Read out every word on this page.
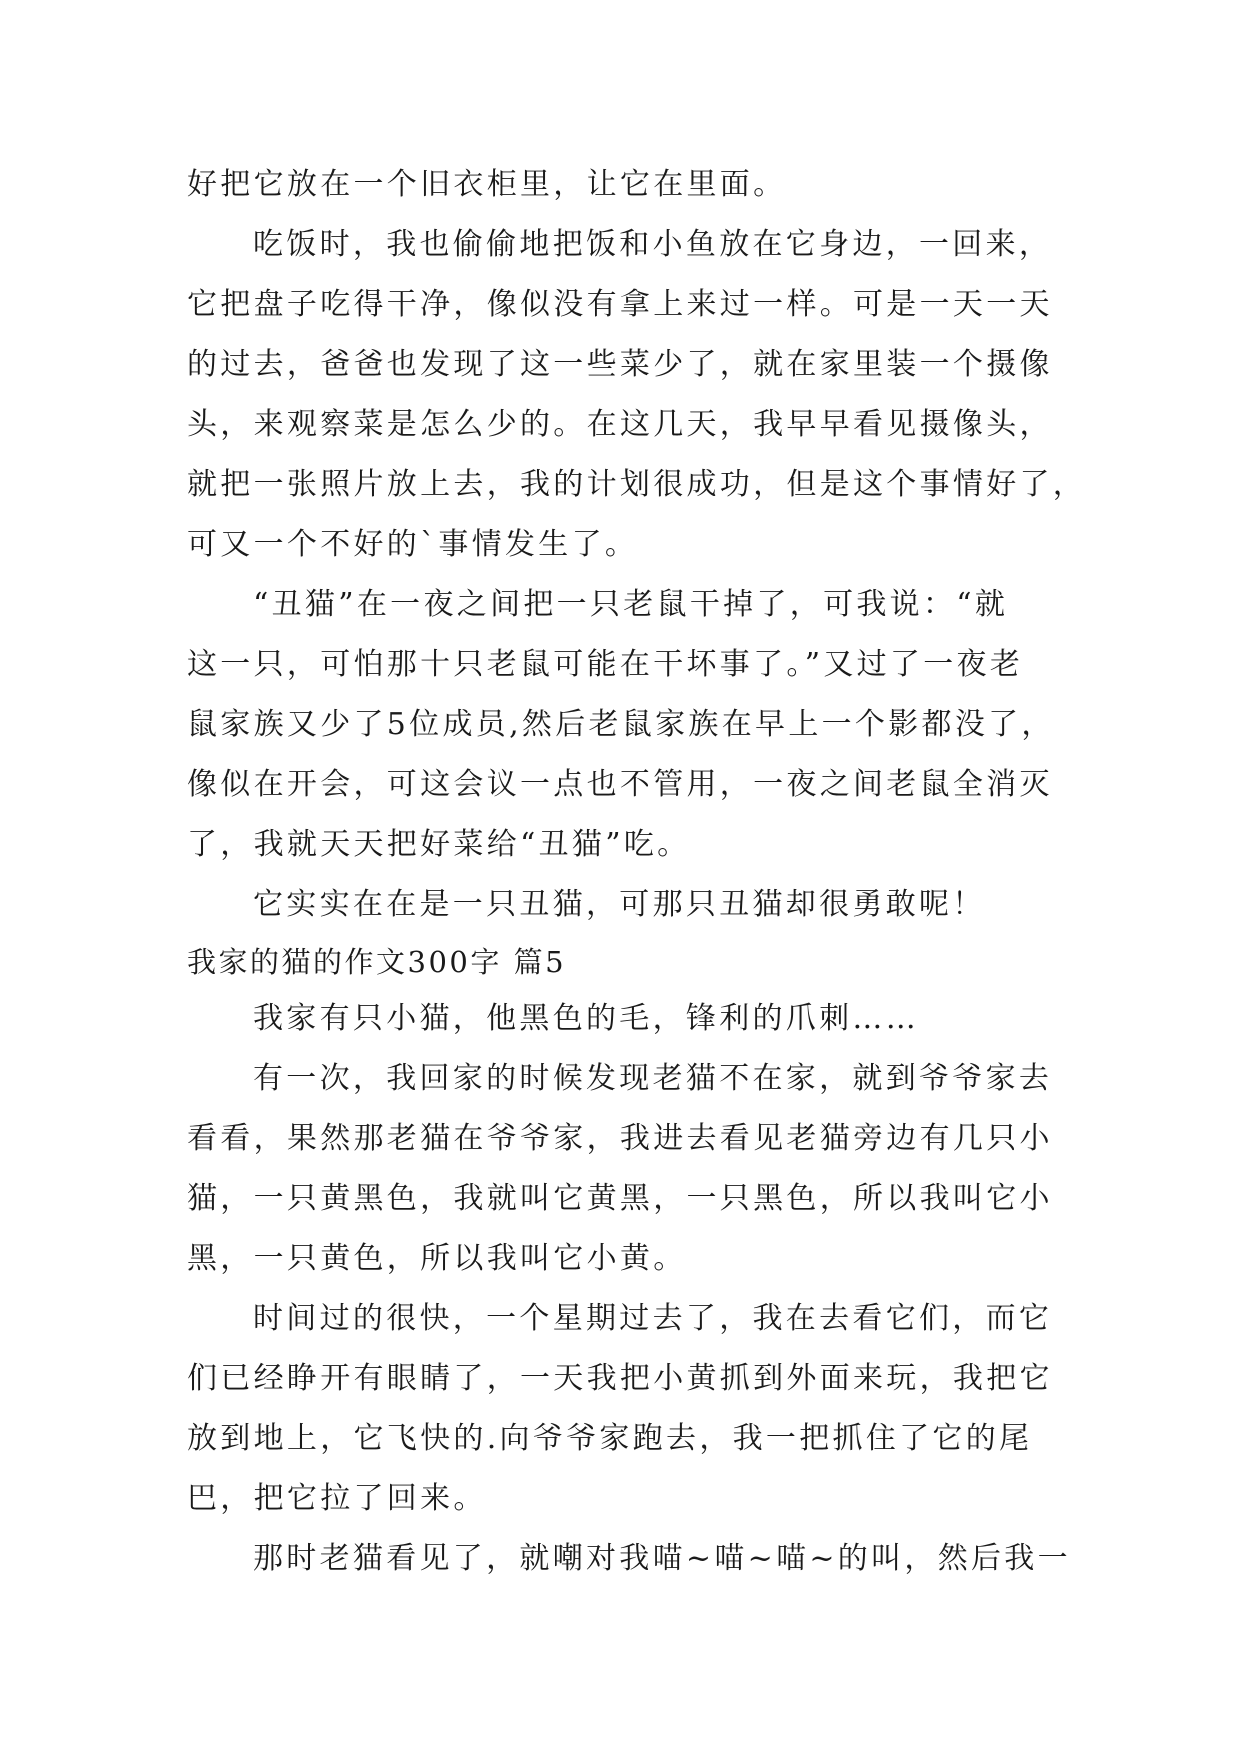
好把它放在一个旧衣柜里，让它在里面。
吃饭时，我也偷偷地把饭和小鱼放在它身边，一回来，
它把盘子吃得干净，像似没有拿上来过一样。可是一天一天
的过去，爸爸也发现了这一些菜少了，就在家里装一个摄像
头，来观察菜是怎么少的。在这几天，我早早看见摄像头，
就把一张照片放上去，我的计划很成功，但是这个事情好了，
可又一个不好的`事情发生了。
“丑猫”在一夜之间把一只老鼠干掉了，可我说：“就
这一只，可怕那十只老鼠可能在干坏事了。”又过了一夜老
鼠家族又少了5位成员,然后老鼠家族在早上一个影都没了，
像似在开会，可这会议一点也不管用，一夜之间老鼠全消灭
了，我就天天把好菜给“丑猫”吃。
它实实在在是一只丑猫，可那只丑猫却很勇敢呢！
我家的猫的作文300字 篇5
我家有只小猫，他黑色的毛，锋利的爪刺……
有一次，我回家的时候发现老猫不在家，就到爷爷家去
看看，果然那老猫在爷爷家，我进去看见老猫旁边有几只小
猫，一只黄黑色，我就叫它黄黑，一只黑色，所以我叫它小
黑，一只黄色，所以我叫它小黄。
时间过的很快，一个星期过去了，我在去看它们，而它
们已经睁开有眼睛了，一天我把小黄抓到外面来玩，我把它
放到地上，它飞快的.向爷爷家跑去，我一把抓住了它的尾
巴，把它拉了回来。
那时老猫看见了，就嘲对我喵~喵~喵~的叫，然后我一
